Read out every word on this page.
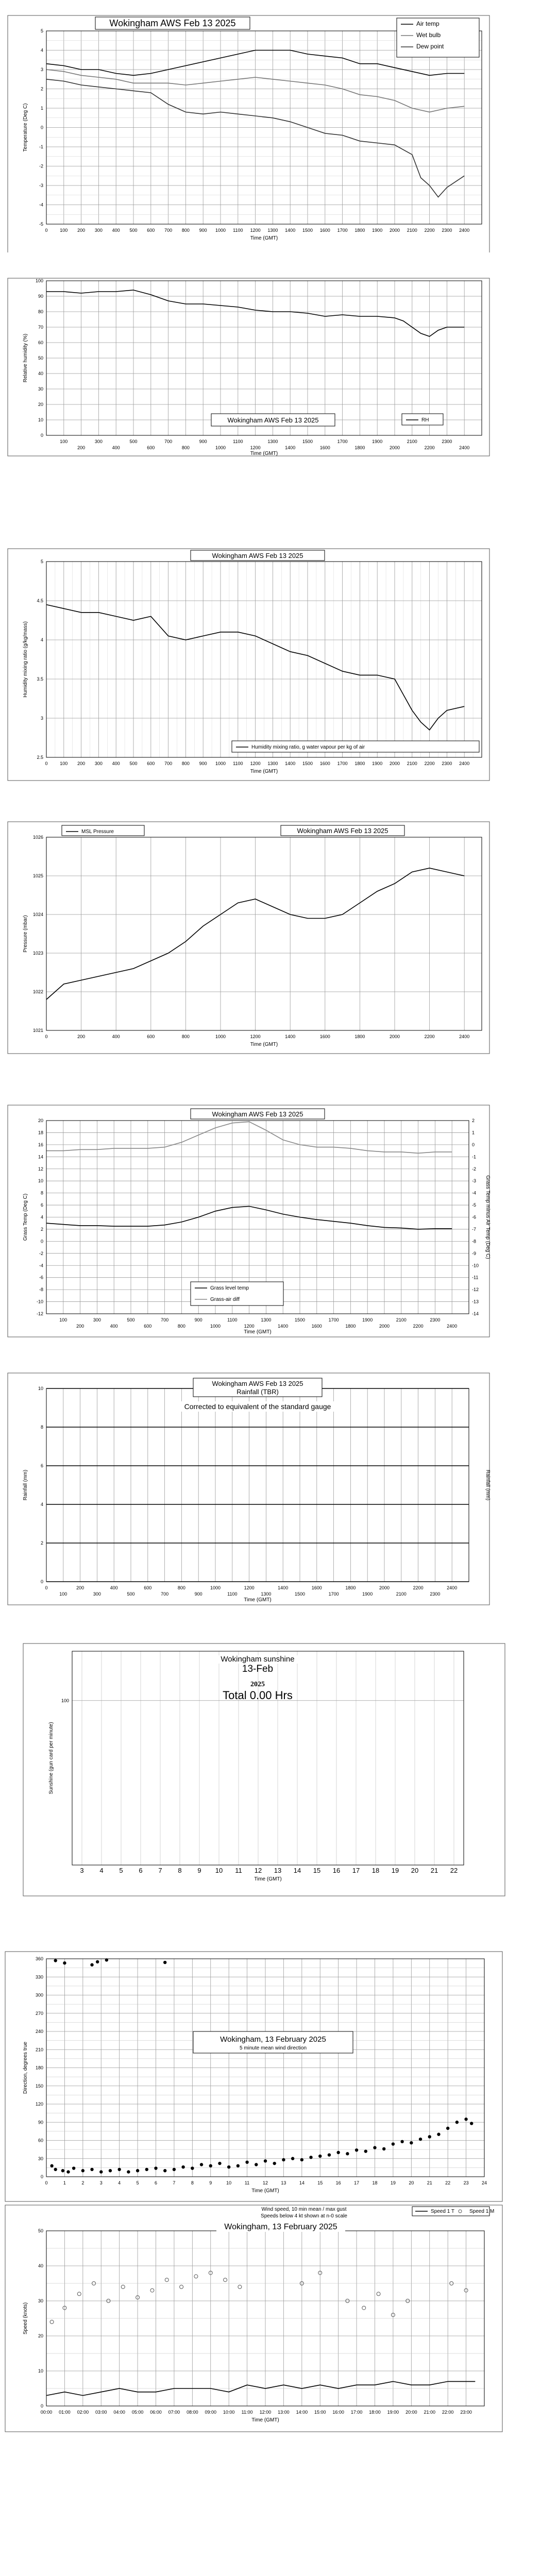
0	100 200 300 400 500 600 700 800 900 1000 1100 1200 1300 1400 1500 1600 1700 1800 1900 2000 2100 2200 2300 2400
5
4
3
2
1
0
-1
-2
-3
-4
-5
Time (GMT)
Temperature (Deg C)
Wokingham AWS Feb 13 2025	Air temp
Wet bulb
Dew point
100
200
300
400
500
600
700
800
900
1000
1100
1200
1300
1400
1500
1600
1700
1800
1900
2000
2100
2200
2300
2400
100
90
80
70
60
50
40
30
20
10
0
Time (GMT)
Relative humidity (%)
Wokingham AWS Feb 13 2025	RH
0	100 200 300 400 500 600 700 800 900 1000 1100 1200 1300 1400 1500 1600 1700 1800 1900 2000 2100 2200 2300 2400
5
4.5
4
3.5
3
2.5
Time (GMT)
Humidity mixing ratio (g/kg/mass)
Wokingham AWS Feb 13 2025
Humidity mixing ratio, g water vapour per kg of air
0	200	400	600	800	1000	1200	1400	1600	1800	2000	2200	2400
1026
1025
1024
1023
1022
1021
Time (GMT)
Pressure (mbar)
Wokingham AWS Feb 13 2025
MSL Pressure
100
200
300
400
500
600
700
800
900
1000
1100
1200
1300
1400
1500
1600
1700
1800
1900
2000
2100
2200
2300
2400
20
18
16
14
12
10
8
6
4
2
0
-2
-4
-6
-8
-10
-12
2
1
0
-1
-2
-3
-4
-5
-6
-7
-8
-9
-10
-11
-12
-13
-14
Time (GMT)
Grass Temp (Deg C)	Grass Temp minus Air Temp (Deg C)
Wokingham AWS Feb 13 2025
Grass level temp
Grass-air diff
0
100
200
300
400
500
600
700
800
900
1000
1100
1200
1300
1400
1500
1600
1700
1800
1900
2000
2100
2200
2300
2400
10
8
6
4
2
0
Time (GMT)
Rainfall (mm)	Rainfall (mm)
Wokingham AWS Feb 13 2025
Rainfall (TBR)
Corrected to equivalent of the standard gauge
3 4 5 6 7 8 9 10 11 12 13 14 15 16 17 18 19 20 21 22
100
Time (GMT)
Sunshine (gun card per minute)
Wokingham sunshine
13-Feb
2025
Total 0.00 Hrs
0	1	2	3	4	5	6	7	8	9	10	11	12	13	14	15	16	17	18	19	20	21	22	23	24
360
330
300
270
240
210
180
150
120
90
60
30
0
Time (GMT)
Direction, degrees true
Wokingham, 13 February 2025
5 minute mean wind direction
00:00 01:00 02:00 03:00 04:00 05:00 06:00 07:00 08:00 09:00 10:00 11:00 12:00 13:00 14:00 15:00 16:00 17:00 18:00 19:00 20:00 21:00 22:00 23:00
50
40
30
20
10
0
Time (GMT)
Speed (knots)
Wind speed, 10 min mean / max gust
Speeds below 4 kt shown at n-0 scale
Wokingham, 13 February 2025
Speed 1 T	Speed 1 M
